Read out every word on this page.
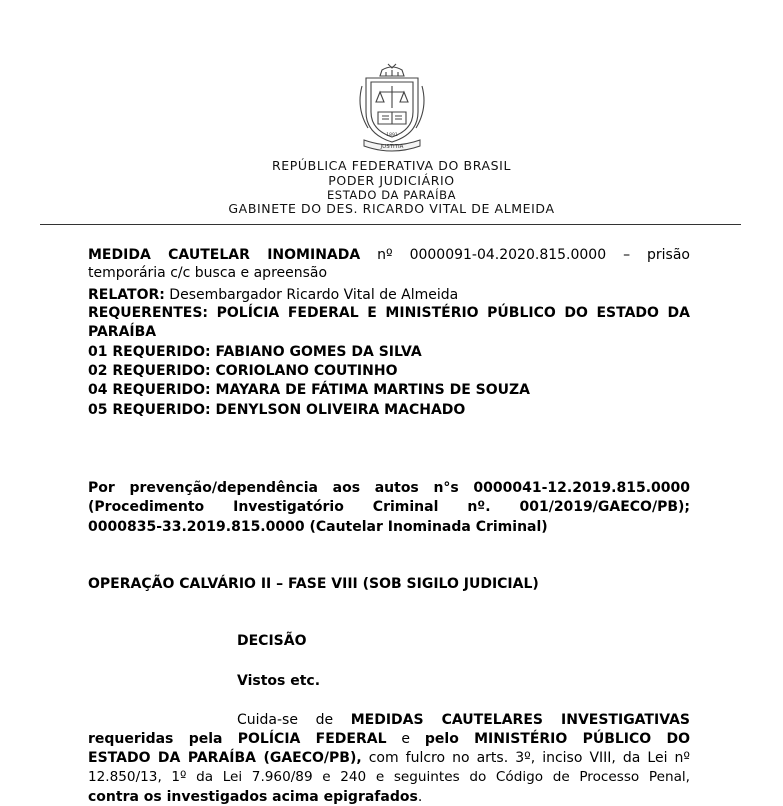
JUSTITIA
1891
REPÚBLICA FEDERATIVA DO BRASIL
PODER JUDICIÁRIO
ESTADO DA PARAÍBA
GABINETE DO DES. RICARDO VITAL DE ALMEIDA
MEDIDA CAUTELAR INOMINADA nº 0000091-04.2020.815.0000 – prisão
temporária c/c busca e apreensão
RELATOR: Desembargador Ricardo Vital de Almeida
REQUERENTES: POLÍCIA FEDERAL E MINISTÉRIO PÚBLICO DO ESTADO DA
PARAÍBA
01 REQUERIDO: FABIANO GOMES DA SILVA
02 REQUERIDO: CORIOLANO COUTINHO
04 REQUERIDO: MAYARA DE FÁTIMA MARTINS DE SOUZA
05 REQUERIDO: DENYLSON OLIVEIRA MACHADO
Por prevenção/dependência aos autos n°s 0000041-12.2019.815.0000
(Procedimento Investigatório Criminal nº. 001/2019/GAECO/PB);
0000835-33.2019.815.0000 (Cautelar Inominada Criminal)
OPERAÇÃO CALVÁRIO II – FASE VIII (SOB SIGILO JUDICIAL)
DECISÃO
Vistos etc.
Cuida-se de MEDIDAS CAUTELARES INVESTIGATIVAS
requeridas pela POLÍCIA FEDERAL e pelo MINISTÉRIO PÚBLICO DO
ESTADO DA PARAÍBA (GAECO/PB), com fulcro no arts. 3º, inciso VIII, da Lei nº
12.850/13, 1º da Lei 7.960/89 e 240 e seguintes do Código de Processo Penal,
contra os investigados acima epigrafados.
